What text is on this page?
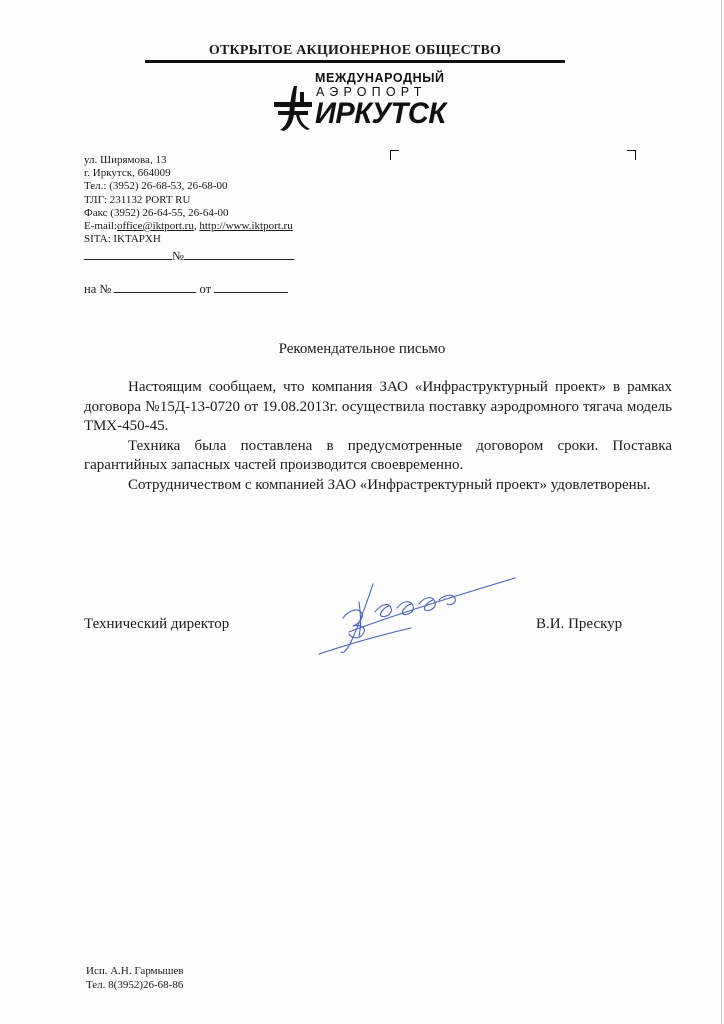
ОТКРЫТОЕ АКЦИОНЕРНОЕ ОБЩЕСТВО
МЕЖДУНАРОДНЫЙ
АЭРОПОРТ
ИРКУТСК
ул. Ширямова, 13
г. Иркутск, 664009
Тел.: (3952) 26-68-53, 26-68-00
ТЛГ: 231132 PORT RU
Факс (3952) 26-64-55, 26-64-00
E-mail:office@iktport.ru, http://www.iktport.ru
SITA: IKTAPXH
№
на №	от
Рекомендательное письмо

Настоящим сообщаем, что компания ЗАО «Инфраструктурный проект» в рамках договора №15Д-13-0720 от 19.08.2013г. осуществила поставку аэродромного тягача модель ТМХ-450-45.

Техника была поставлена в предусмотренные договором сроки. Поставка гарантийных запасных частей производится своевременно.

Сотрудничеством с компанией ЗАО «Инфрастректурный проект» удовлетворены.

Технический директор	В.И. Прескур
Исп. А.Н. Гармышев
Тел. 8(3952)26-68-86
